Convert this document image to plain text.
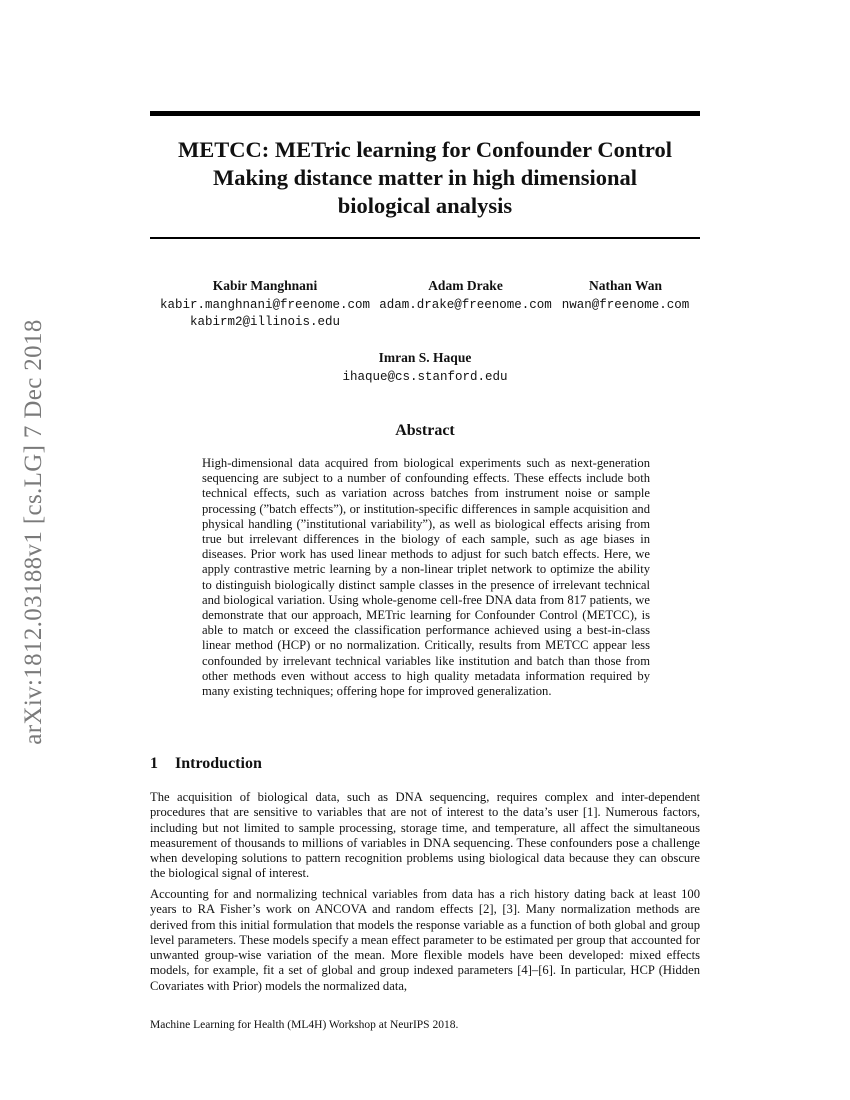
arXiv:1812.03188v1 [cs.LG] 7 Dec 2018
METCC: METric learning for Confounder Control
Making distance matter in high dimensional
biological analysis
Kabir Manghnani
kabir.manghnani@freenome.com
kabirm2@illinois.edu
Adam Drake
adam.drake@freenome.com
Nathan Wan
nwan@freenome.com
Imran S. Haque
ihaque@cs.stanford.edu
Abstract

High-dimensional data acquired from biological experiments such as next-generation sequencing are subject to a number of confounding effects. These effects include both technical effects, such as variation across batches from instrument noise or sample processing (”batch effects”), or institution-specific differences in sample acquisition and physical handling (”institutional variability”), as well as biological effects arising from true but irrelevant differences in the biology of each sample, such as age biases in diseases. Prior work has used linear methods to adjust for such batch effects. Here, we apply contrastive metric learning by a non-linear triplet network to optimize the ability to distinguish biologically distinct sample classes in the presence of irrelevant technical and biological variation. Using whole-genome cell-free DNA data from 817 patients, we demonstrate that our approach, METric learning for Confounder Control (METCC), is able to match or exceed the classification performance achieved using a best-in-class linear method (HCP) or no normalization. Critically, results from METCC appear less confounded by irrelevant technical variables like institution and batch than those from other methods even without access to high quality metadata information required by many existing techniques; offering hope for improved generalization.

1 Introduction

The acquisition of biological data, such as DNA sequencing, requires complex and inter-dependent procedures that are sensitive to variables that are not of interest to the data’s user [1]. Numerous factors, including but not limited to sample processing, storage time, and temperature, all affect the simultaneous measurement of thousands to millions of variables in DNA sequencing. These confounders pose a challenge when developing solutions to pattern recognition problems using biological data because they can obscure the biological signal of interest.

Accounting for and normalizing technical variables from data has a rich history dating back at least 100 years to RA Fisher’s work on ANCOVA and random effects [2], [3]. Many normalization methods are derived from this initial formulation that models the response variable as a function of both global and group level parameters. These models specify a mean effect parameter to be estimated per group that accounted for unwanted group-wise variation of the mean. More flexible models have been developed: mixed effects models, for example, fit a set of global and group indexed parameters [4]–[6]. In particular, HCP (Hidden Covariates with Prior) models the normalized data,

Machine Learning for Health (ML4H) Workshop at NeurIPS 2018.
